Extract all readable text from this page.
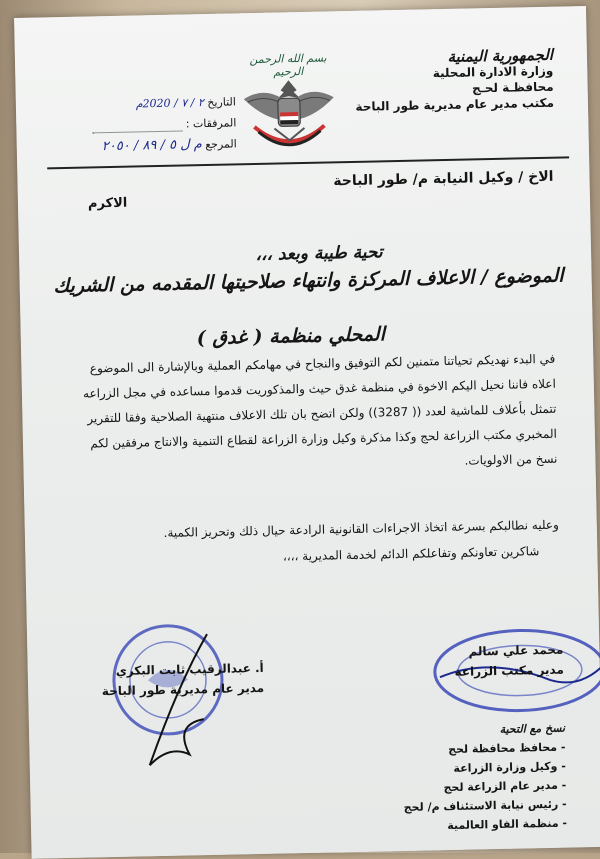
الجمهورية اليمنية
وزارة الادارة المحلية
محافظـة لحـج
مكتب مدير عام مديرية طور الباحة
بسم الله الرحمن الرحيم
التاريخ ٢ / ٧ / 2020م
المرفقات :
المرجع م ل ٥ / ٨٩ / ٢٠٥٠
الاخ / وكيل النيابة م/ طور الباحة
الاكرم
تحية طيبة وبعد ،،،
الموضوع / الاعلاف المركزة وانتهاء صلاحيتها المقدمه من الشريك
المحلي منظمة ( غدق )

في البدء نهديكم تحياتنا متمنين لكم التوفيق والنجاح في مهامكم العملية وبالإشارة الى الموضوع

اعلاه فاننا نحيل اليكم الاخوة في منظمة غدق حيث والمذكوريت قدموا مساعده في مجل الزراعه

تتمثل بأعلاف للماشية لعدد (( 3287)) ولكن اتضح بان تلك الاعلاف منتهية الصلاحية وفقا للتقرير

المخبري مكتب الزراعة لحج وكذا مذكرة وكيل وزارة الزراعة لقطاع التنمية والانتاج مرفقين لكم

نسخ من الاولويات.

وعليه نطالبكم بسرعة اتخاذ الاجراءات القانونية الرادعة حيال ذلك وتحريز الكمية.
شاكرين تعاونكم وتفاعلكم الدائم لخدمة المديرية ،،،،
أ. عبدالرقيب ثابت البكري
مدير عام مديرية طور الباحة
محمد علي سالم
مدير مكتب الزراعة
نسخ مع التحية
- محافظ محافظة لحج
- وكيل وزارة الزراعة
- مدير عام الزراعة لحج
- رئيس نيابة الاستئناف م/ لحج
- منظمة الفاو العالمية
